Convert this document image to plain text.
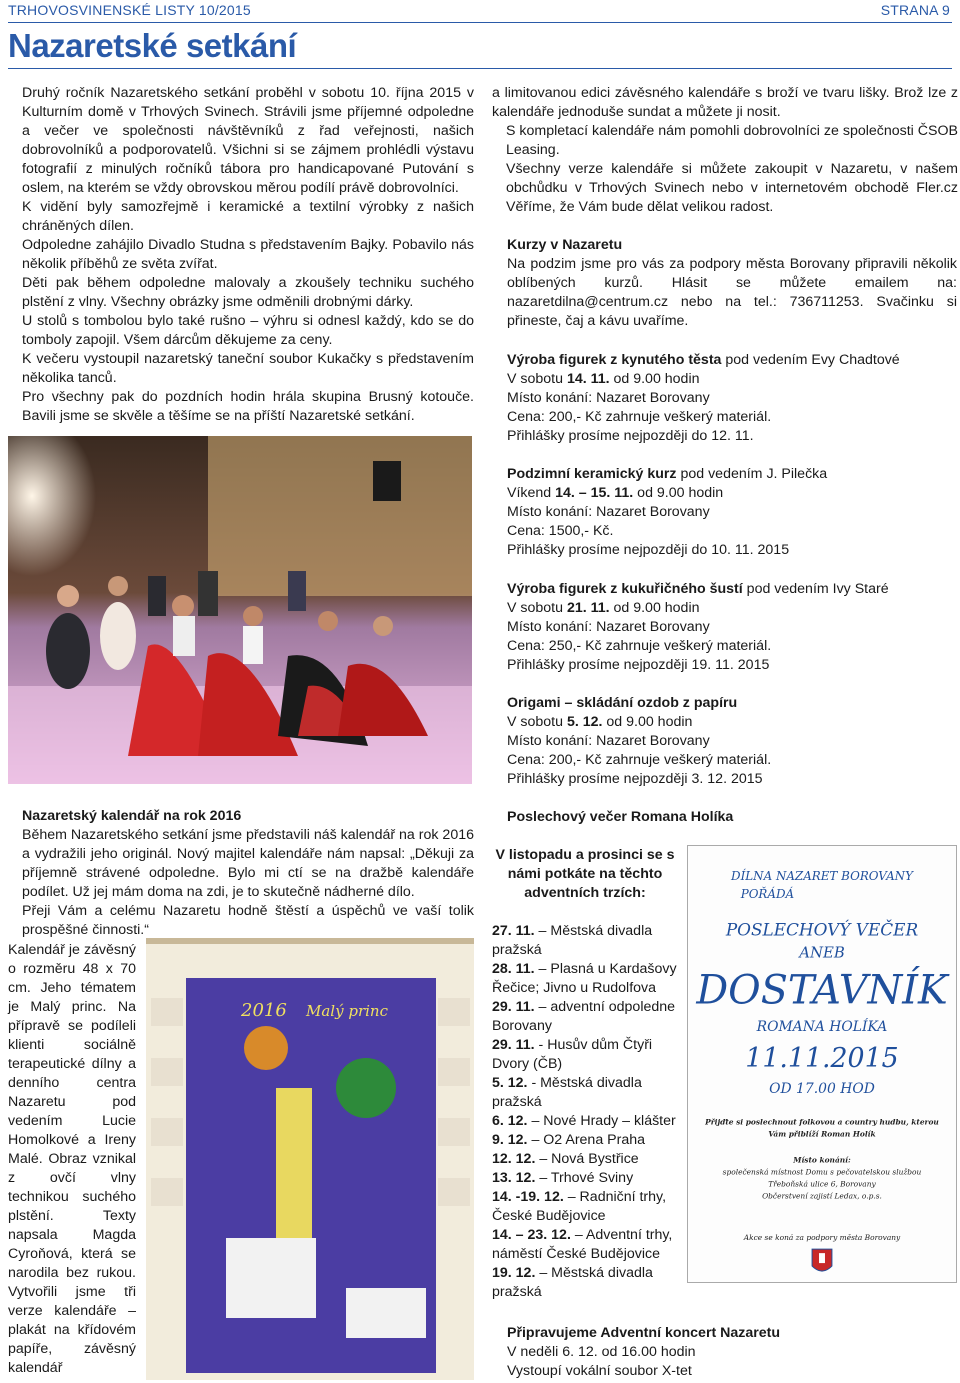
TRHOVOSVINENSKÉ LISTY 10/2015	STRANA 9
Nazaretské setkání

Druhý ročník Nazaretského setkání proběhl v sobotu 10. října 2015 v Kulturním domě v Trhových Svinech. Strávili jsme příjemné odpoledne a večer ve společnosti návštěvníků z řad veřejnosti, našich dobrovolníků a podporovatelů. Všichni si se zájmem prohlédli výstavu fotografií z minulých ročníků tábora pro handicapované Putování s oslem, na kterém se vždy obrovskou měrou podílí právě dobrovolníci.

K vidění byly samozřejmě i keramické a textilní výrobky z našich chráněných dílen.

Odpoledne zahájilo Divadlo Studna s představením Bajky. Pobavilo nás několik příběhů ze světa zvířat.

Děti pak během odpoledne malovaly a zkoušely techniku suchého plstění z vlny. Všechny obrázky jsme odměnili drobnými dárky.

U stolů s tombolou bylo také rušno – výhru si odnesl každý, kdo se do tomboly zapojil. Všem dárcům děkujeme za ceny.

K večeru vystoupil nazaretský taneční soubor Kukačky s představením několika tanců.

Pro všechny pak do pozdních hodin hrála skupina Brusný kotouče. Bavili jsme se skvěle a těšíme se na příští Nazaretské setkání.

Nazaretský kalendář na rok 2016

Během Nazaretského setkání jsme představili náš kalendář na rok 2016 a vydražili jeho originál. Nový majitel kalendáře nám napsal: „Děkuji za příjemně strávené odpoledne. Bylo mi ctí se na dražbě kalendáře podílet. Už jej mám doma na zdi, je to skutečně nádherné dílo.

Přeji Vám a celému Nazaretu hodně štěstí a úspěchů ve vaší tolik prospěšné činnosti.“

Kalendář je závěsný o rozměru 48 x 70 cm. Jeho tématem je Malý princ. Na přípravě se podíleli klienti sociálně terapeutické dílny a denního centra Nazaretu pod vedením Lucie Homolkové a Ireny Malé. Obraz vznikal z ovčí vlny technikou suchého plstění. Texty napsala Magda Cyroňová, která se narodila bez rukou. Vytvořili jsme tři verze kalendáře – plakát na křídovém papíře, závěsný kalendář
2016 Malý princ

a limitovanou edici závěsného kalendáře s broží ve tvaru lišky. Brož lze z kalendáře jednoduše sundat a můžete ji nosit.

S kompletací kalendáře nám pomohli dobrovolníci ze společnosti ČSOB Leasing.

Všechny verze kalendáře si můžete zakoupit v Nazaretu, v našem obchůdku v Trhových Svinech nebo v internetovém obchodě Fler.cz Věříme, že Vám bude dělat velikou radost.

Kurzy v Nazaretu

Na podzim jsme pro vás za podpory města Borovany připravili několik oblíbených kurzů. Hlásit se můžete emailem na: nazaretdilna@centrum.cz nebo na tel.: 736711253. Svačinku si přineste, čaj a kávu uvaříme.

Výroba figurek z kynutého těsta pod vedením Evy Chadtové
V sobotu 14. 11. od 9.00 hodin
Místo konání: Nazaret Borovany
Cena: 200,- Kč zahrnuje veškerý materiál.
Přihlášky prosíme nejpozději do 12. 11.
Podzimní keramický kurz pod vedením J. Pilečka
Víkend 14. – 15. 11. od 9.00 hodin
Místo konání: Nazaret Borovany
Cena: 1500,- Kč.
Přihlášky prosíme nejpozději do 10. 11. 2015
Výroba figurek z kukuřičného šustí pod vedením Ivy Staré
V sobotu 21. 11. od 9.00 hodin
Místo konání: Nazaret Borovany
Cena: 250,- Kč zahrnuje veškerý materiál.
Přihlášky prosíme nejpozději 19. 11. 2015
Origami – skládání ozdob z papíru
V sobotu 5. 12. od 9.00 hodin
Místo konání: Nazaret Borovany
Cena: 200,- Kč zahrnuje veškerý materiál.
Přihlášky prosíme nejpozději 3. 12. 2015
Poslechový večer Romana Holíka
V listopadu a prosinci se s námi potkáte na těchto adventních trzích:
27. 11. – Městská divadla pražská
28. 11. – Plasná u Kardašovy Řečice; Jivno u Rudolfova
29. 11. – adventní odpoledne Borovany
29. 11. - Husův dům Čtyři Dvory (ČB)
5. 12. - Městská divadla pražská
6. 12. – Nové Hrady – klášter
9. 12. – O2 Arena Praha
12. 12. – Nová Bystřice
13. 12. – Trhové Sviny
14. -19. 12. – Radniční trhy, České Budějovice
14. – 23. 12. – Adventní trhy, náměstí České Budějovice
19. 12. – Městská divadla pražská
DÍLNA NAZARET BOROVANY
POŘÁDÁ
POSLECHOVÝ VEČER
ANEB
DOSTAVNÍK
ROMANA HOLÍKA
11.11.2015
OD 17.00 HOD
Přijďte si poslechnout folkovou a country hudbu, kterou
Vám přiblíží Roman Holík
Místo konání:
společenská místnost Domu s pečovatelskou službou
Třeboňská ulice 6, Borovany
Občerstvení zajistí Ledax, o.p.s.
Akce se koná za podpory města Borovany
Připravujeme Adventní koncert Nazaretu
V neděli 6. 12. od 16.00 hodin
Vystoupí vokální soubor X-tet
